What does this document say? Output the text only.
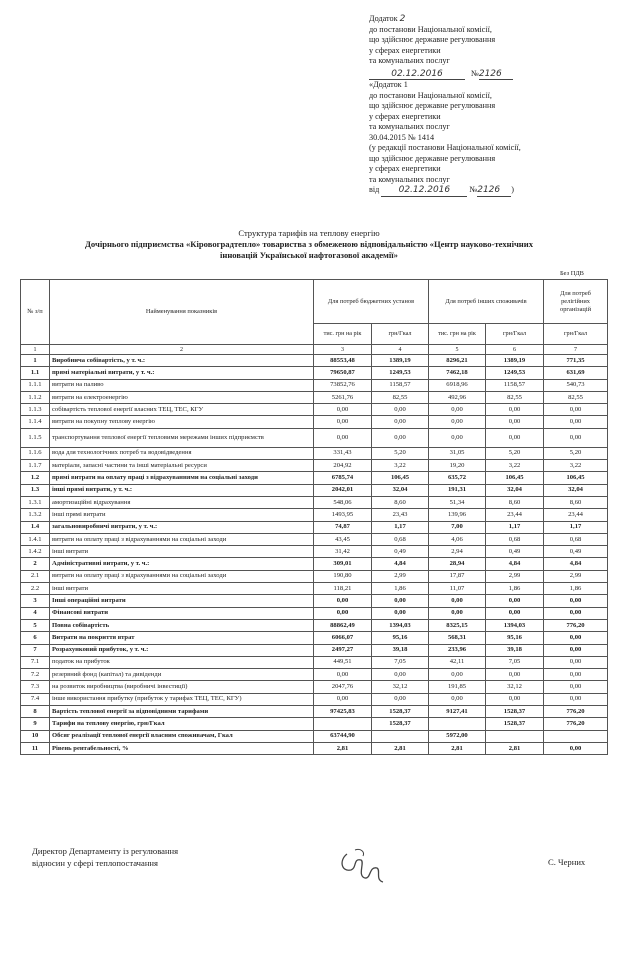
Додаток 2
до постанови Національної комісії,
що здійснює державне регулювання
у сферах енергетики
та комунальних послуг
02.12.2016	№2126
«Додаток 1
до постанови Національної комісії,
що здійснює державне регулювання
у сферах енергетики
та комунальних послуг
30.04.2015 № 1414
(у редакції постанови Національної комісії,
що здійснює державне регулювання
у сферах енергетики
та комунальних послуг
від 02.12.2016 №2126 )
Структура тарифів на теплову енергію
Дочірнього підприємства «Кіровоградтепло» товариства з обмеженою відповідальністю «Центр науково-технічних
інновацій Української нафтогазової академії»
Без ПДВ
№ з/п	Найменування показників	Для потреб бюджетних установ		Для потреб інших споживачів		Для потреб релігійних організацій
		тис. грн на рік	грн/Гкал	тис. грн на рік	грн/Гкал	грн/Гкал
1	2	3	4	5	6	7
1	Виробнича собівартість, у т. ч.:	88553,48	1389,19	8296,21	1389,19	771,35
1.1	прямі матеріальні витрати, у т. ч.:	79650,87	1249,53	7462,18	1249,53	631,69
1.1.1	витрати на паливо	73852,76	1158,57	6918,96	1158,57	540,73
1.1.2	витрати на електроенергію	5261,76	82,55	492,96	82,55	82,55
1.1.3	собівартість теплової енергії власних ТЕЦ, ТЕС, КГУ	0,00	0,00	0,00	0,00	0,00
1.1.4	витрати на покупну теплову енергію	0,00	0,00	0,00	0,00	0,00
1.1.5	транспортування теплової енергії тепловими мережами інших підприємств	0,00	0,00	0,00	0,00	0,00
1.1.6	вода для технологічних потреб та водовідведення	331,43	5,20	31,05	5,20	5,20
1.1.7	матеріали, запасні частини та інші матеріальні ресурси	204,92	3,22	19,20	3,22	3,22
1.2	прямі витрати на оплату праці з відрахуваннями на соціальні заходи	6785,74	106,45	635,72	106,45	106,45
1.3	інші прямі витрати, у т. ч.:	2042,01	32,04	191,31	32,04	32,04
1.3.1	амортизаційні відрахування	548,06	8,60	51,34	8,60	8,60
1.3.2	інші прямі витрати	1493,95	23,43	139,96	23,44	23,44
1.4	загальновиробничі витрати, у т. ч.:	74,87	1,17	7,00	1,17	1,17
1.4.1	витрати на оплату праці з відрахуваннями на соціальні заходи	43,45	0,68	4,06	0,68	0,68
1.4.2	інші витрати	31,42	0,49	2,94	0,49	0,49
2	Адміністративні витрати, у т. ч.:	309,01	4,84	28,94	4,84	4,84
2.1	витрати на оплату праці з відрахуваннями на соціальні заходи	190,80	2,99	17,87	2,99	2,99
2.2	інші витрати	118,21	1,86	11,07	1,86	1,86
3	Інші операційні витрати	0,00	0,00	0,00	0,00	0,00
4	Фінансові витрати	0,00	0,00	0,00	0,00	0,00
5	Повна собівартість	88862,49	1394,03	8325,15	1394,03	776,20
6	Витрати на покриття втрат	6066,07	95,16	568,31	95,16	0,00
7	Розрахунковий прибуток, у т. ч.:	2497,27	39,18	233,96	39,18	0,00
7.1	податок на прибуток	449,51	7,05	42,11	7,05	0,00
7.2	резервний фонд (капітал) та дивіденди	0,00	0,00	0,00	0,00	0,00
7.3	на розвиток виробництва (виробничі інвестиції)	2047,76	32,12	191,85	32,12	0,00
7.4	інше використання прибутку (прибуток у тарифах ТЕЦ, ТЕС, КГУ)	0,00	0,00	0,00	0,00	0,00
8	Вартість теплової енергії за відповідними тарифами	97425,83	1528,37	9127,41	1528,37	776,20
9	Тарифи на теплову енергію, грн/Гкал		1528,37		1528,37	776,20
10	Обсяг реалізації теплової енергії власним споживачам, Гкал	63744,90		5972,00		
11	Рівень рентабельності, %	2,81	2,81	2,81	2,81	0,00
Директор Департаменту із регулювання
відносин у сфері теплопостачання	С. Черних
